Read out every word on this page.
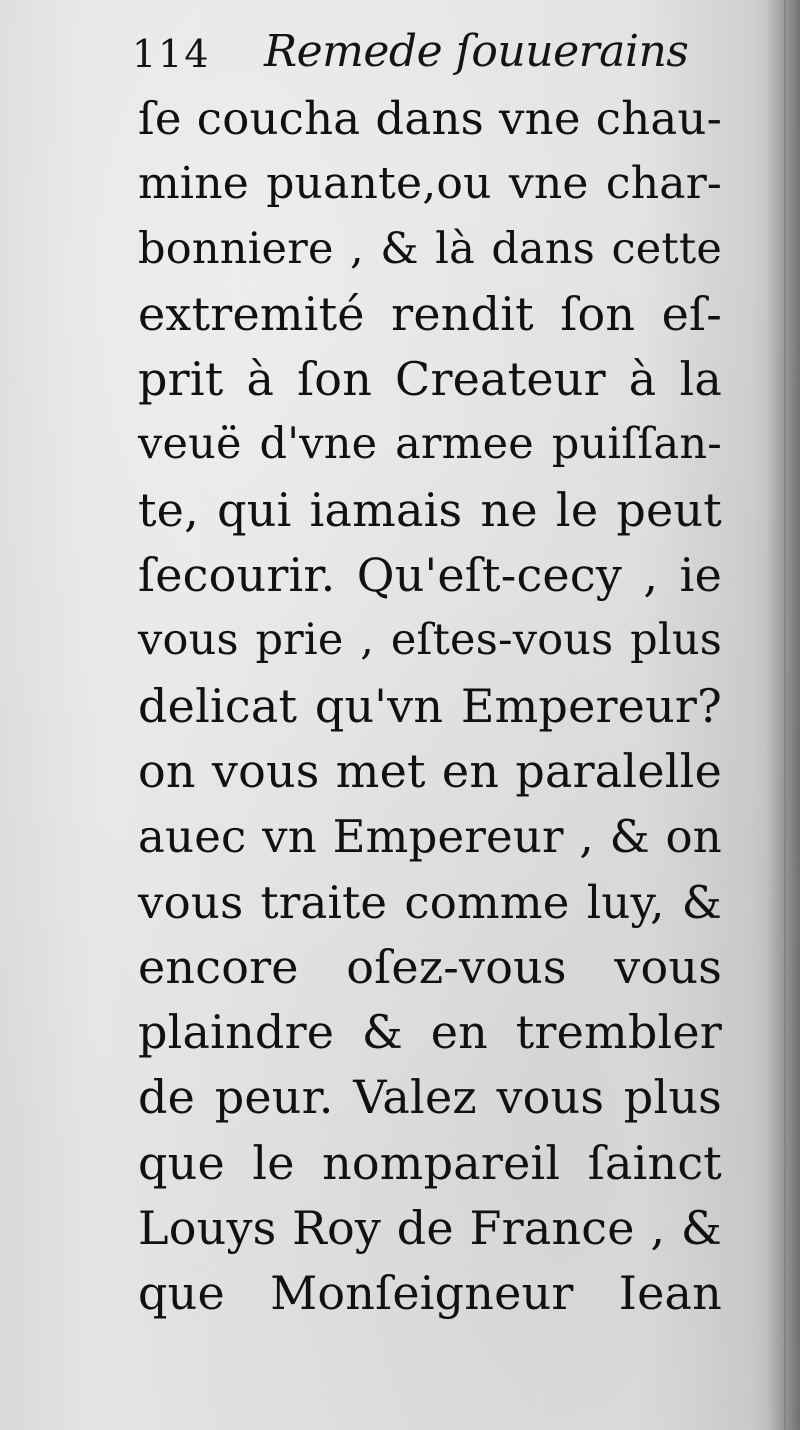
114 Remede ſouuerains
ſe coucha dans vne chau-
mine puante,ou vne char-
bonniere , & là dans cette
extremité rendit ſon eſ-
prit à ſon Createur à la
veuë d'vne armee puiſſan-
te, qui iamais ne le peut
ſecourir. Qu'eſt-cecy , ie
vous prie , eſtes-vous plus
delicat qu'vn Empereur?
on vous met en paralelle
auec vn Empereur , & on
vous traite comme luy, &
encore oſez-vous vous
plaindre & en trembler
de peur. Valez vous plus
que le nompareil ſainct
Louys Roy de France , &
que Monſeigneur Iean
